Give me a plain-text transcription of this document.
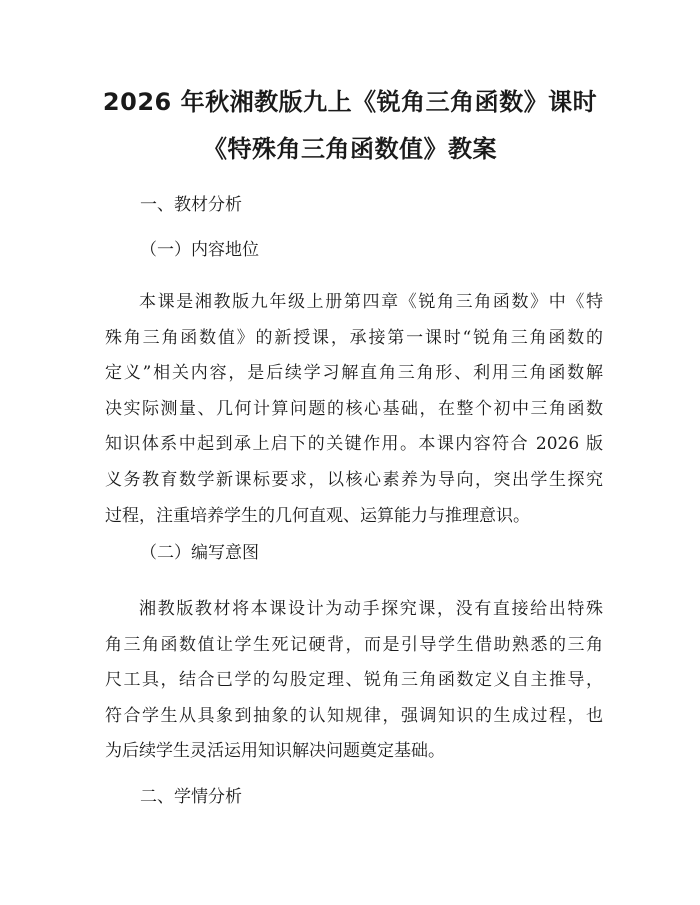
2026 年秋湘教版九上《锐角三角函数》课时
《特殊角三角函数值》教案
一、教材分析
（一）内容地位
本课是湘教版九年级上册第四章《锐角三角函数》中《特
殊角三角函数值》的新授课，承接第一课时“锐角三角函数的
定义”相关内容，是后续学习解直角三角形、利用三角函数解
决实际测量、几何计算问题的核心基础，在整个初中三角函数
知识体系中起到承上启下的关键作用。本课内容符合 2026 版
义务教育数学新课标要求，以核心素养为导向，突出学生探究
过程，注重培养学生的几何直观、运算能力与推理意识。
（二）编写意图
湘教版教材将本课设计为动手探究课，没有直接给出特殊
角三角函数值让学生死记硬背，而是引导学生借助熟悉的三角
尺工具，结合已学的勾股定理、锐角三角函数定义自主推导，
符合学生从具象到抽象的认知规律，强调知识的生成过程，也
为后续学生灵活运用知识解决问题奠定基础。
二、学情分析
